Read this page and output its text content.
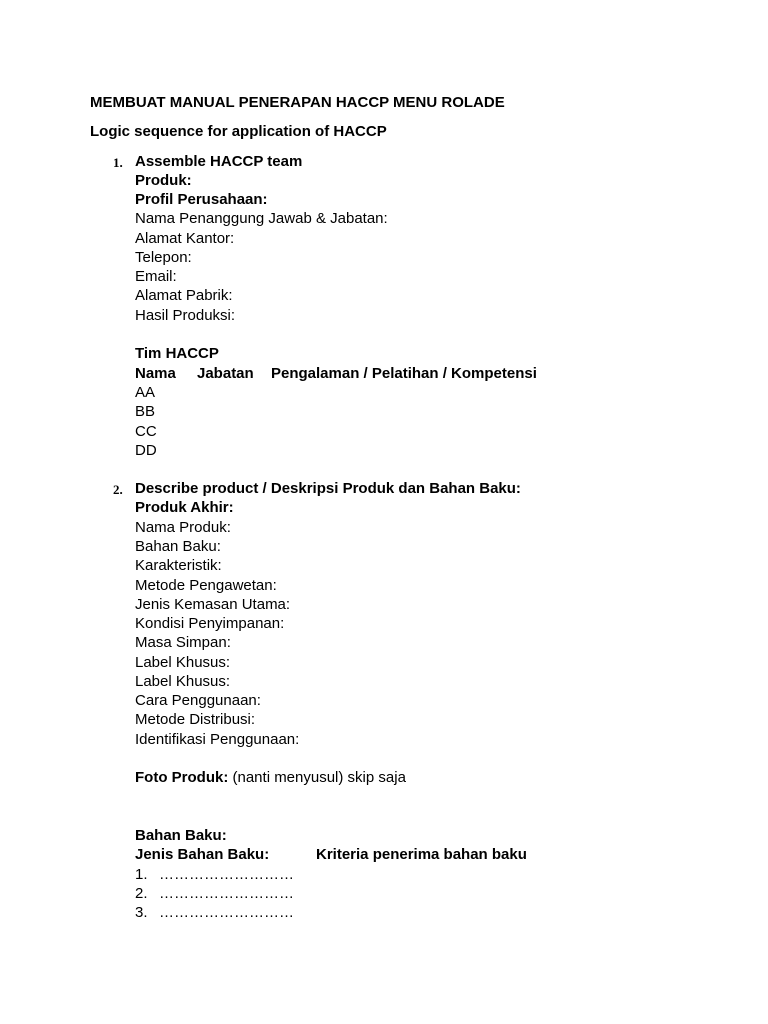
MEMBUAT MANUAL PENERAPAN HACCP MENU ROLADE
Logic sequence for application of HACCP
1. Assemble HACCP team
Produk:
Profil Perusahaan:
Nama Penanggung Jawab & Jabatan:
Alamat Kantor:
Telepon:
Email:
Alamat Pabrik:
Hasil Produksi:
Tim HACCP
Nama Jabatan Pengalaman / Pelatihan / Kompetensi
AA
BB
CC
DD
2. Describe product / Deskripsi Produk dan Bahan Baku:
Produk Akhir:
Nama Produk:
Bahan Baku:
Karakteristik:
Metode Pengawetan:
Jenis Kemasan Utama:
Kondisi Penyimpanan:
Masa Simpan:
Label Khusus:
Label Khusus:
Cara Penggunaan:
Metode Distribusi:
Identifikasi Penggunaan:
Foto Produk: (nanti menyusul) skip saja
Bahan Baku:
Jenis Bahan Baku:	Kriteria penerima bahan baku
1. ………………………
2. ………………………
3. ………………………
